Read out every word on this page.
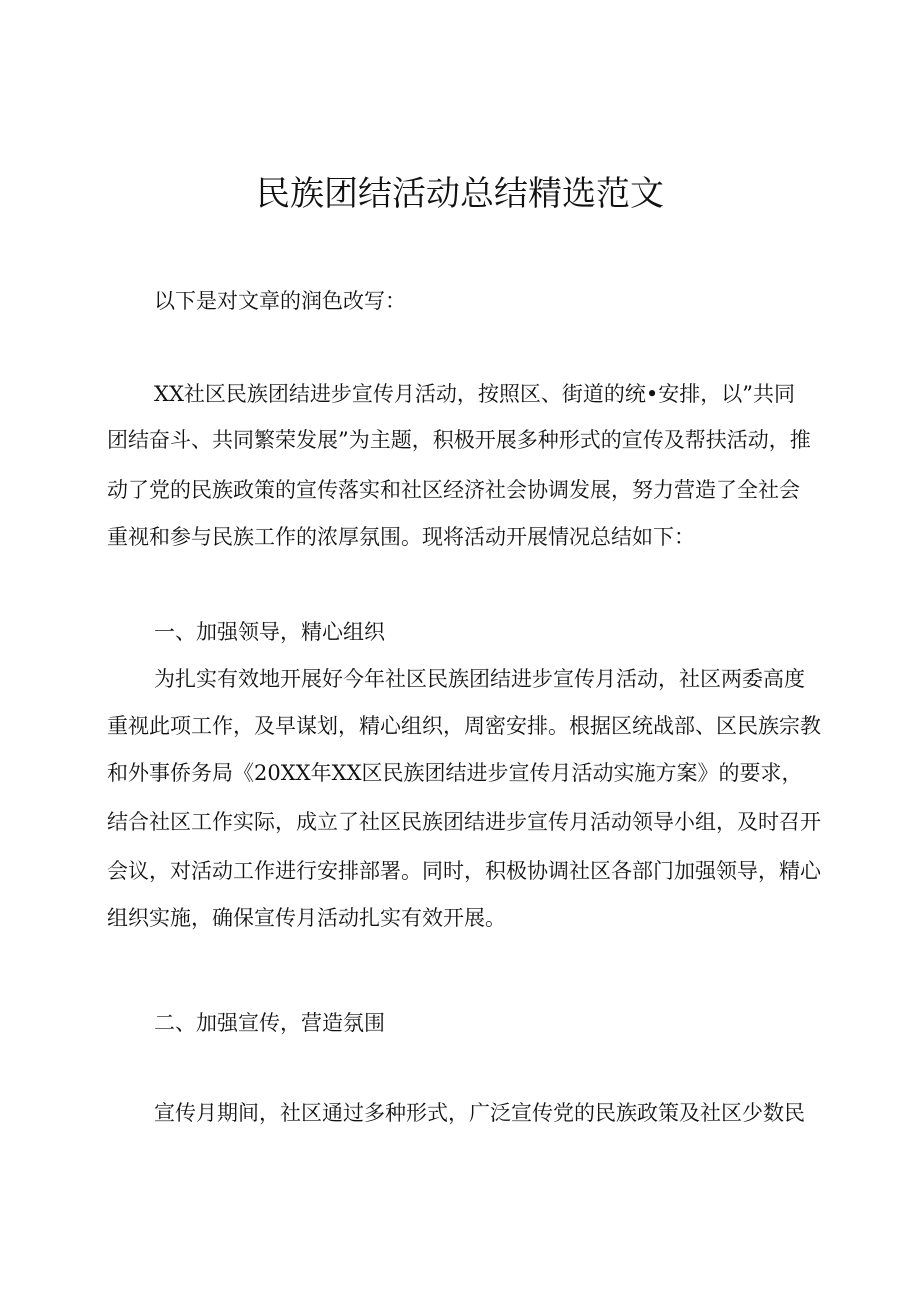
民族团结活动总结精选范文

以下是对文章的润色改写：

XX社区民族团结进步宣传月活动，按照区、街道的统•安排，以”共同

团结奋斗、共同繁荣发展”为主题，积极开展多种形式的宣传及帮扶活动，推

动了党的民族政策的宣传落实和社区经济社会协调发展，努力营造了全社会

重视和参与民族工作的浓厚氛围。现将活动开展情况总结如下：

一、加强领导，精心组织

为扎实有效地开展好今年社区民族团结进步宣传月活动，社区两委高度

重视此项工作，及早谋划，精心组织，周密安排。根据区统战部、区民族宗教

和外事侨务局《20XX年XX区民族团结进步宣传月活动实施方案》的要求，

结合社区工作实际，成立了社区民族团结进步宣传月活动领导小组，及时召开

会议，对活动工作进行安排部署。同时，积极协调社区各部门加强领导，精心

组织实施，确保宣传月活动扎实有效开展。

二、加强宣传，营造氛围

宣传月期间，社区通过多种形式，广泛宣传党的民族政策及社区少数民
